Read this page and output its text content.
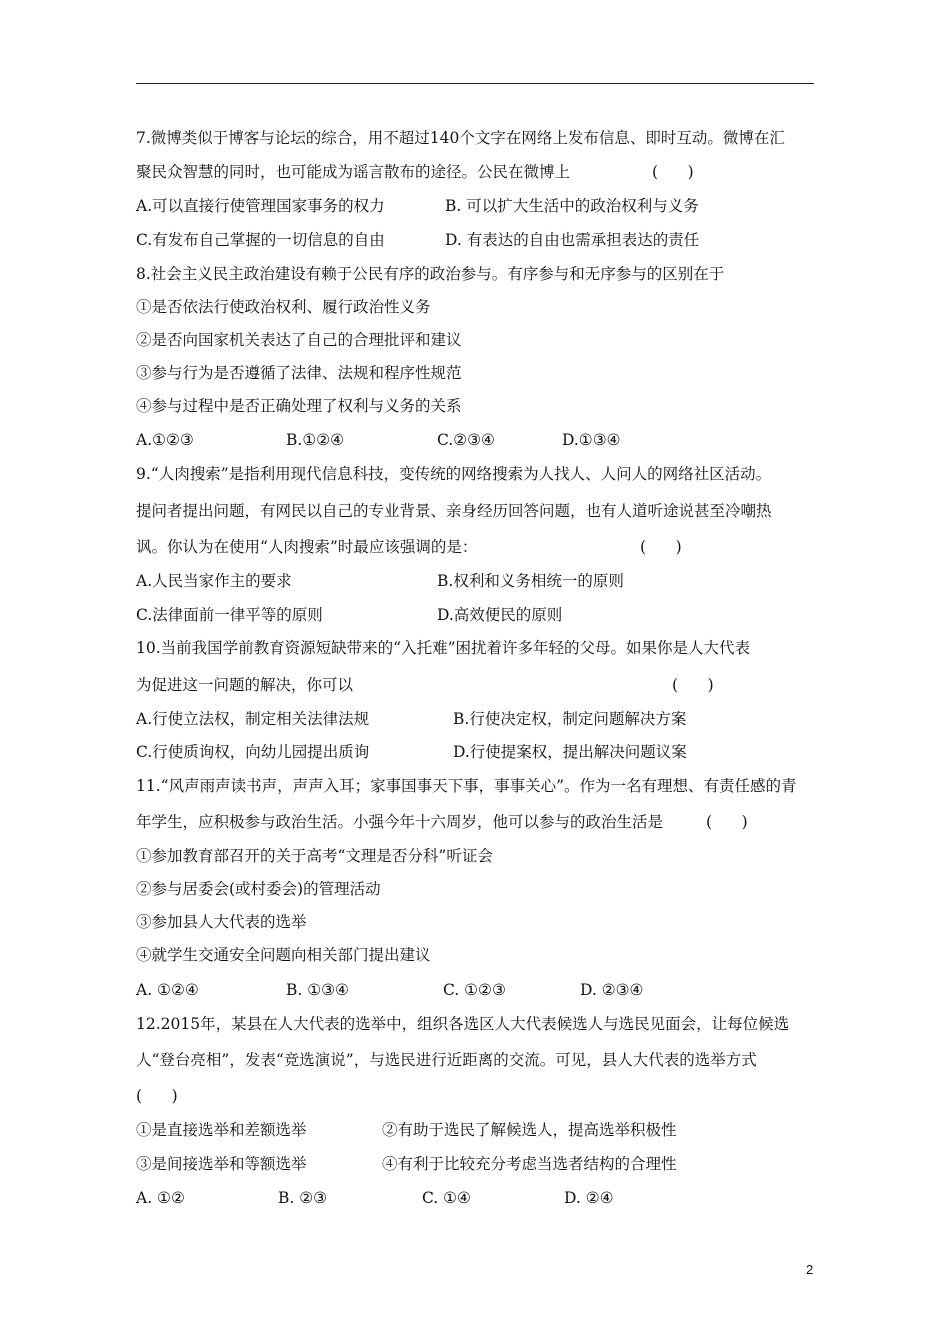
7.微博类似于博客与论坛的综合，用不超过140个文字在网络上发布信息、即时互动。微博在汇
聚民众智慧的同时，也可能成为谣言散布的途径。公民在微博上	(      )
A.可以直接行使管理国家事务的权力	B. 可以扩大生活中的政治权利与义务
C.有发布自己掌握的一切信息的自由	D. 有表达的自由也需承担表达的责任
8.社会主义民主政治建设有赖于公民有序的政治参与。有序参与和无序参与的区别在于
①是否依法行使政治权利、履行政治性义务
②是否向国家机关表达了自己的合理批评和建议
③参与行为是否遵循了法律、法规和程序性规范
④参与过程中是否正确处理了权利与义务的关系
A.①②③	B.①②④	C.②③④	D.①③④
9.“人肉搜索”是指利用现代信息科技，变传统的网络搜索为人找人、人问人的网络社区活动。
提问者提出问题，有网民以自己的专业背景、亲身经历回答问题，也有人道听途说甚至冷嘲热
讽。你认为在使用“人肉搜索”时最应该强调的是：	(      )
A.人民当家作主的要求	B.权利和义务相统一的原则
C.法律面前一律平等的原则	D.高效便民的原则
10.当前我国学前教育资源短缺带来的“入托难”困扰着许多年轻的父母。如果你是人大代表
为促进这一问题的解决，你可以	(      )
A.行使立法权，制定相关法律法规	B.行使决定权，制定问题解决方案
C.行使质询权，向幼儿园提出质询	D.行使提案权，提出解决问题议案
11.“风声雨声读书声，声声入耳；家事国事天下事，事事关心”。作为一名有理想、有责任感的青
年学生，应积极参与政治生活。小强今年十六周岁，他可以参与的政治生活是	(      )
①参加教育部召开的关于高考“文理是否分科”听证会
②参与居委会(或村委会)的管理活动
③参加县人大代表的选举
④就学生交通安全问题向相关部门提出建议
A. ①②④	B. ①③④	C. ①②③	D. ②③④
12.2015年，某县在人大代表的选举中，组织各选区人大代表候选人与选民见面会，让每位候选
人“登台亮相”，发表“竞选演说”，与选民进行近距离的交流。可见，县人大代表的选举方式
(      )
①是直接选举和差额选举	②有助于选民了解候选人，提高选举积极性
③是间接选举和等额选举	④有利于比较充分考虑当选者结构的合理性
A. ①②	B. ②③	C. ①④	D. ②④
2
